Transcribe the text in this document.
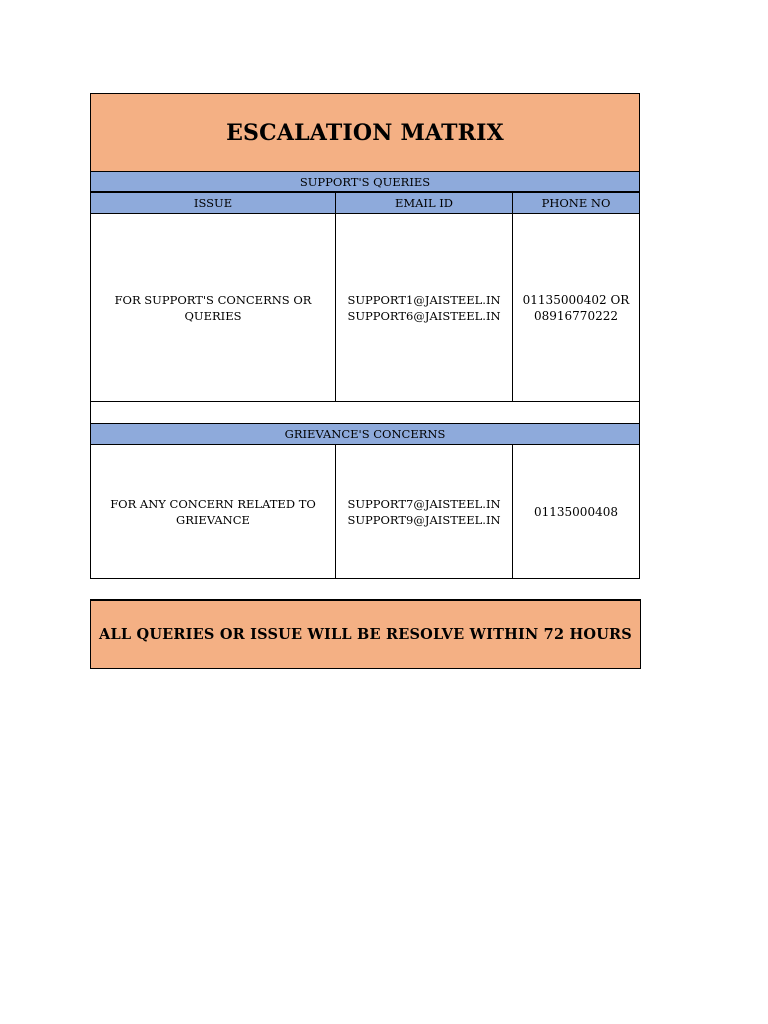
ESCALATION MATRIX
SUPPORT'S QUERIES
ISSUE	EMAIL ID	PHONE NO
FOR SUPPORT'S CONCERNS OR QUERIES
SUPPORT1@JAISTEEL.IN
SUPPORT6@JAISTEEL.IN
01135000402 OR
08916770222
GRIEVANCE'S CONCERNS
FOR ANY CONCERN RELATED TO
GRIEVANCE
SUPPORT7@JAISTEEL.IN
SUPPORT9@JAISTEEL.IN
01135000408
ALL QUERIES OR ISSUE WILL BE RESOLVE WITHIN 72 HOURS
